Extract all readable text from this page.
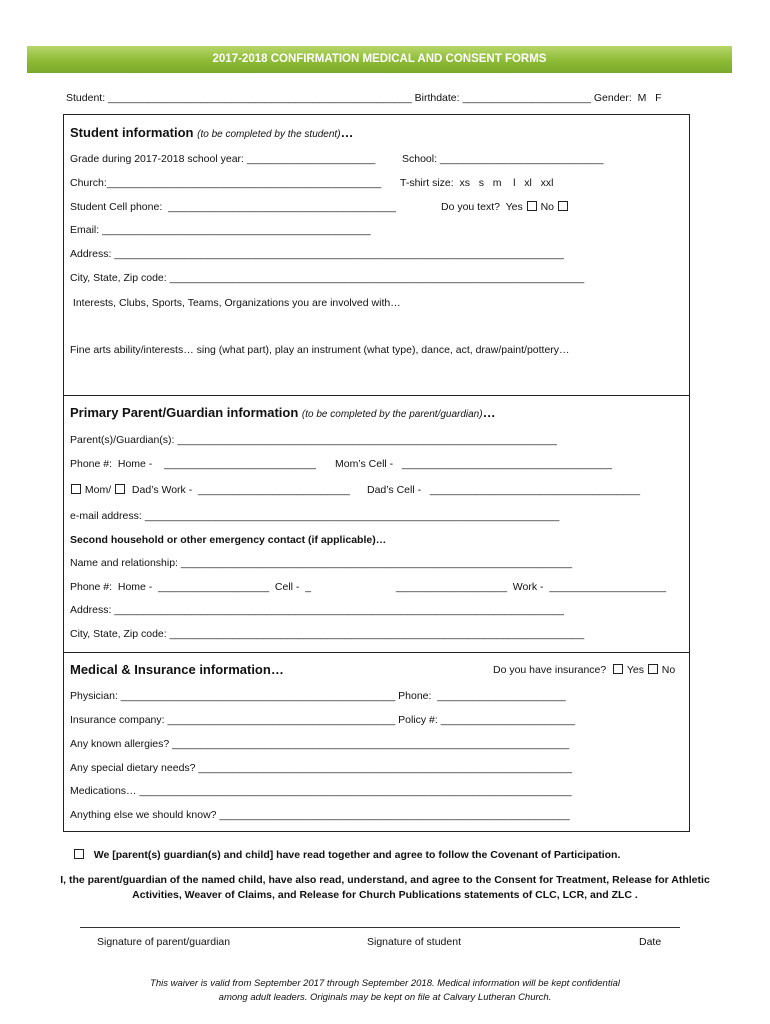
2017-2018 CONFIRMATION MEDICAL AND CONSENT FORMS
Student: ____________________________________________________ Birthdate: ______________________ Gender:  M   F
Student information (to be completed by the student)…
Grade during 2017-2018 school year: ______________________	School: ____________________________
Church:_______________________________________________ T-shirt size:  xs   s   m    l   xl   xxl
Student Cell phone:  _______________________________________	Do you text?  Yes No
Email: ______________________________________________
Address: _____________________________________________________________________________
City, State, Zip code: _______________________________________________________________________
Interests, Clubs, Sports, Teams, Organizations you are involved with…
Fine arts ability/interests… sing (what part), play an instrument (what type), dance, act, draw/paint/pottery…
Primary Parent/Guardian information (to be completed by the parent/guardian)…
Parent(s)/Guardian(s): _________________________________________________________________
Phone #:  Home -    __________________________ Mom’s Cell -   ____________________________________
Mom/   Dad’s Work -  __________________________ Dad’s Cell -   ____________________________________
e-mail address: _______________________________________________________________________
Second household or other emergency contact (if applicable)…
Name and relationship: ___________________________________________________________________
Phone #:  Home -  ___________________  Cell -  _	___________________  Work -  ____________________
Address: _____________________________________________________________________________
City, State, Zip code: _______________________________________________________________________
Medical & Insurance information…	Do you have insurance?   Yes  No
Physician: _______________________________________________ Phone:  ______________________
Insurance company: _______________________________________ Policy #: _______________________
Any known allergies? ____________________________________________________________________
Any special dietary needs? ________________________________________________________________
Medications… __________________________________________________________________________
Anything else we should know? ____________________________________________________________
We [parent(s) guardian(s) and child] have read together and agree to follow the Covenant of Participation.
I, the parent/guardian of the named child, have also read, understand, and agree to the Consent for Treatment, Release for Athletic
Activities, Weaver of Claims, and Release for Church Publications statements of CLC, LCR, and ZLC .
Signature of parent/guardian	Signature of student	Date
This waiver is valid from September 2017 through September 2018. Medical information will be kept confidential
among adult leaders. Originals may be kept on file at Calvary Lutheran Church.
